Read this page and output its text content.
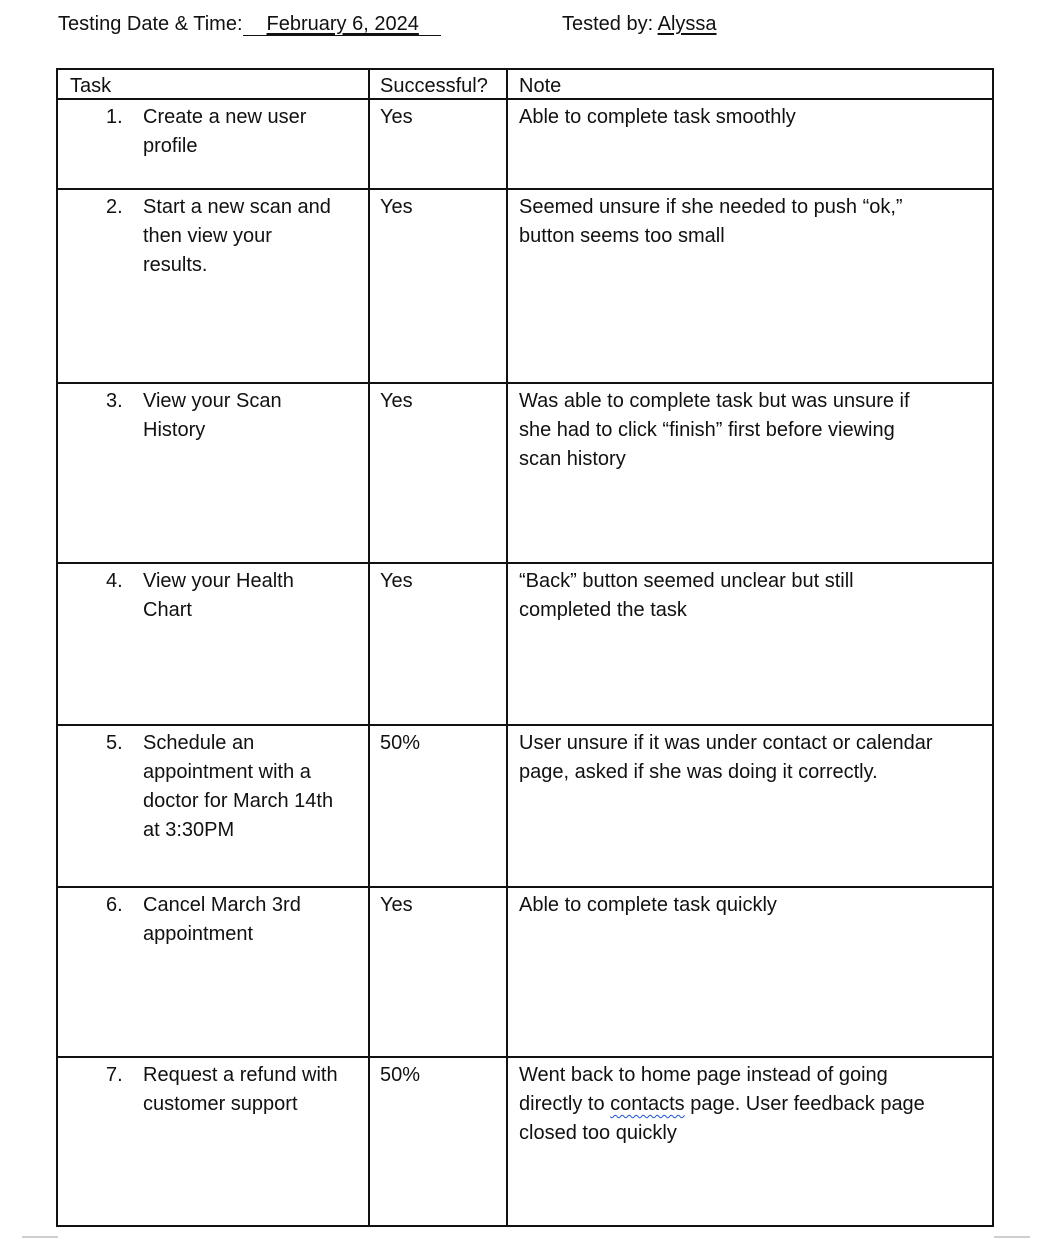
Testing Date & Time: February 6, 2024	Tested by: Alyssa
Task	Successful? Note
1.	Create a new user
profile
Yes	Able to complete task smoothly
2.	Start a new scan and
then view your
results.
Yes	Seemed unsure if she needed to push “ok,”
button seems too small
3.	View your Scan
History
Yes	Was able to complete task but was unsure if
she had to click “finish” first before viewing
scan history
4.	View your Health
Chart
Yes	“Back” button seemed unclear but still
completed the task
5.	Schedule an
appointment with a
doctor for March 14th
at 3:30PM
50%	User unsure if it was under contact or calendar
page, asked if she was doing it correctly.
6.	Cancel March 3rd
appointment
Yes	Able to complete task quickly
7.	Request a refund with
customer support
50%	Went back to home page instead of going
directly to contacts page. User feedback page
closed too quickly
